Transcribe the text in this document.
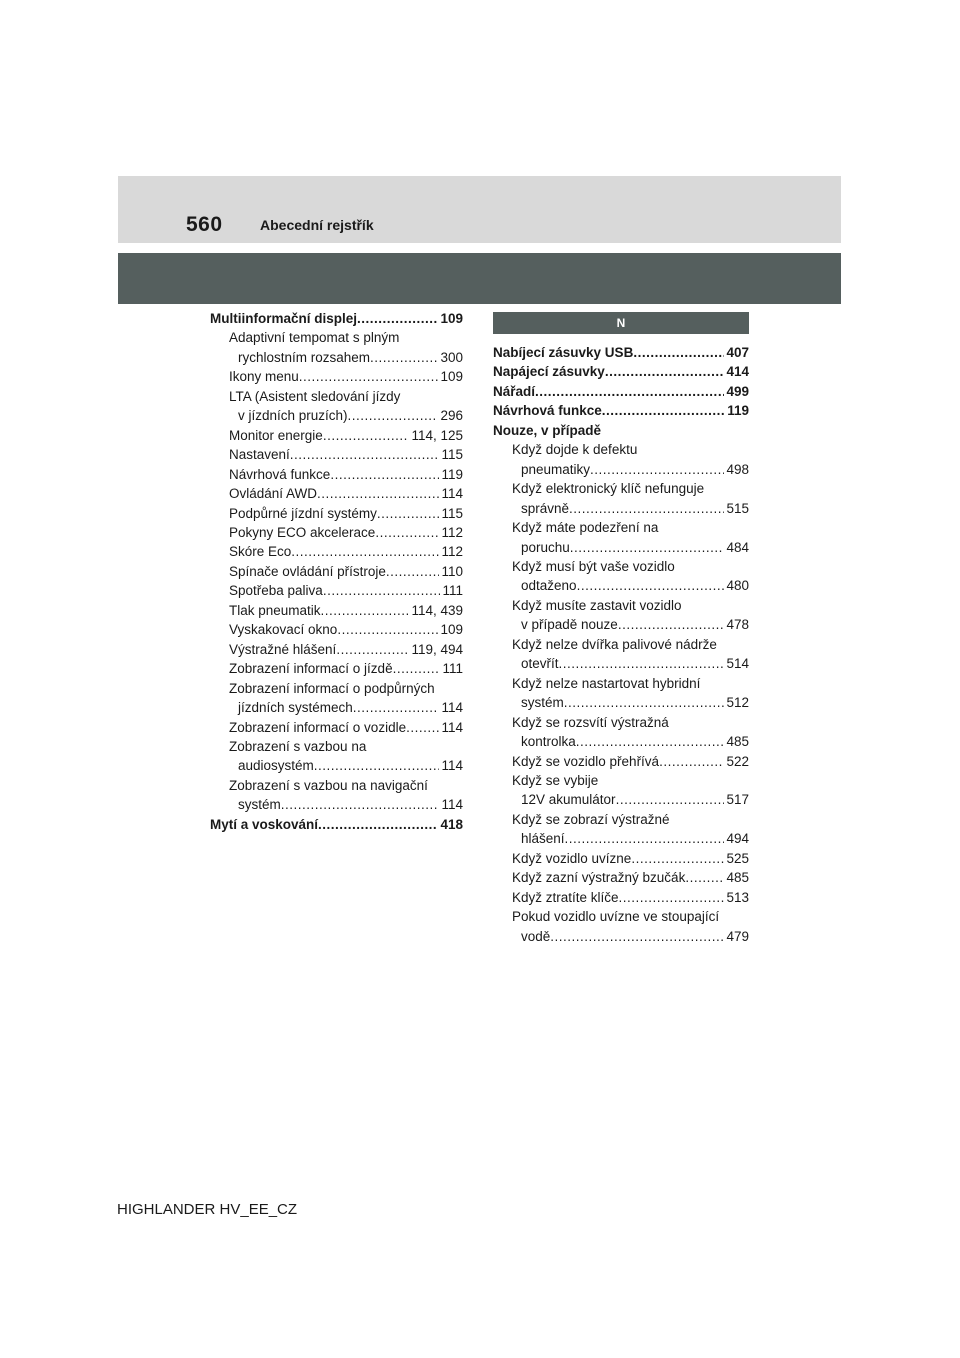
560	Abecední rejstřík
Multiinformační displej .....	109
Adaptivní tempomat s plným
rychlostním rozsahem .....	300
Ikony menu .....	109
LTA (Asistent sledování jízdy
v jízdních pruzích) .....	296
Monitor energie .....	114, 125
Nastavení .....	115
Návrhová funkce .....	119
Ovládání AWD .....	114
Podpůrné jízdní systémy .....	115
Pokyny ECO akcelerace .....	112
Skóre Eco .....	112
Spínače ovládání přístroje .....	110
Spotřeba paliva .....	111
Tlak pneumatik .....	114, 439
Vyskakovací okno .....	109
Výstražné hlášení .....	119, 494
Zobrazení informací o jízdě .....	111
Zobrazení informací o podpůrných
jízdních systémech .....	114
Zobrazení informací o vozidle .....	114
Zobrazení s vazbou na
audiosystém .....	114
Zobrazení s vazbou na navigační
systém .....	114
Mytí a voskování .....	418
N
Nabíjecí zásuvky USB .....	407
Napájecí zásuvky .....	414
Nářadí .....	499
Návrhová funkce .....	119
Nouze, v případě
Když dojde k defektu
pneumatiky .....	498
Když elektronický klíč nefunguje
správně .....	515
Když máte podezření na
poruchu .....	484
Když musí být vaše vozidlo
odtaženo .....	480
Když musíte zastavit vozidlo
v případě nouze .....	478
Když nelze dvířka palivové nádrže
otevřít .....	514
Když nelze nastartovat hybridní
systém .....	512
Když se rozsvítí výstražná
kontrolka .....	485
Když se vozidlo přehřívá .....	522
Když se vybije
12V akumulátor .....	517
Když se zobrazí výstražné
hlášení .....	494
Když vozidlo uvízne .....	525
Když zazní výstražný bzučák .....	485
Když ztratíte klíče .....	513
Pokud vozidlo uvízne ve stoupající
vodě .....	479
HIGHLANDER HV_EE_CZ
